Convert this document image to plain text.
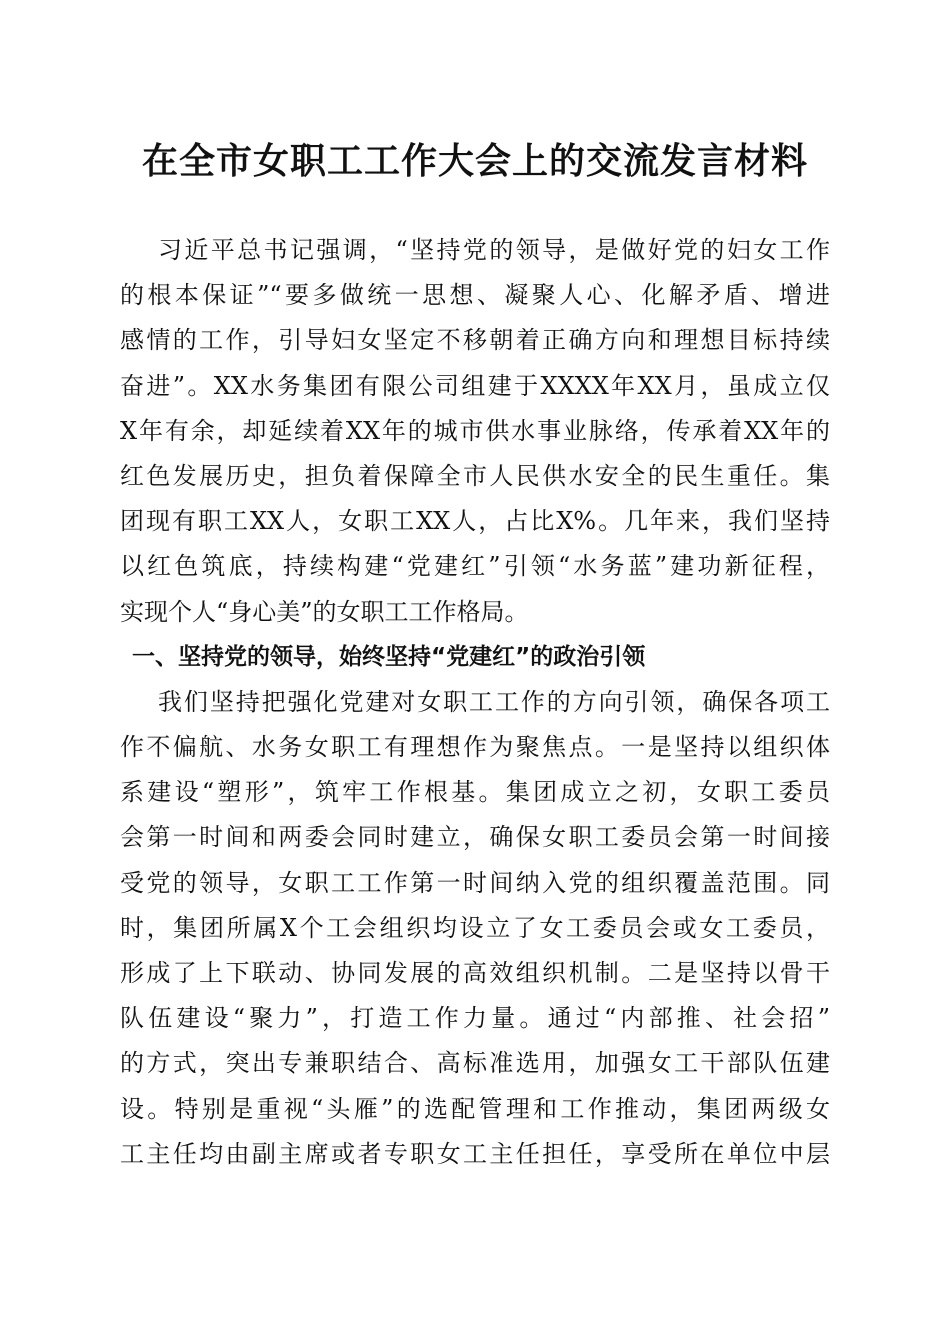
在全市女职工工作大会上的交流发言材料
习近平总书记强调，“坚持党的领导，是做好党的妇女工作
的根本保证”“要多做统一思想、凝聚人心、化解矛盾、增进
感情的工作，引导妇女坚定不移朝着正确方向和理想目标持续
奋进”。XX水务集团有限公司组建于XXXX年XX月，虽成立仅
X年有余，却延续着XX年的城市供水事业脉络，传承着XX年的
红色发展历史，担负着保障全市人民供水安全的民生重任。集
团现有职工XX人，女职工XX人，占比X%。几年来，我们坚持
以红色筑底，持续构建“党建红”引领“水务蓝”建功新征程，
实现个人“身心美”的女职工工作格局。
一、坚持党的领导，始终坚持“党建红”的政治引领
我们坚持把强化党建对女职工工作的方向引领，确保各项工
作不偏航、水务女职工有理想作为聚焦点。一是坚持以组织体
系建设“塑形”，筑牢工作根基。集团成立之初，女职工委员
会第一时间和两委会同时建立，确保女职工委员会第一时间接
受党的领导，女职工工作第一时间纳入党的组织覆盖范围。同
时，集团所属X个工会组织均设立了女工委员会或女工委员，
形成了上下联动、协同发展的高效组织机制。二是坚持以骨干
队伍建设“聚力”，打造工作力量。通过“内部推、社会招”
的方式，突出专兼职结合、高标准选用，加强女工干部队伍建
设。特别是重视“头雁”的选配管理和工作推动，集团两级女
工主任均由副主席或者专职女工主任担任，享受所在单位中层
